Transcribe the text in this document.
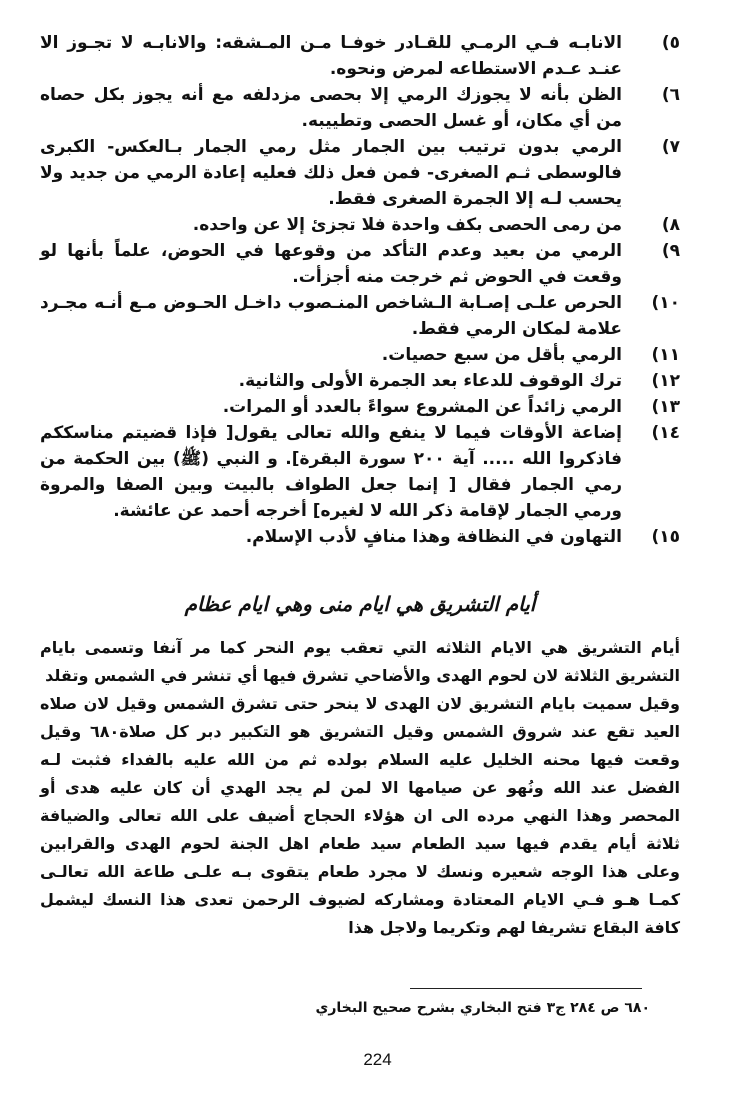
٥)
الانابـه فـي الرمـي للقـادر خوفـا مـن المـشقه: والانابـه لا تجـوز الا عنـد عـدم الاستطاعه لمرض ونحوه.
٦)
الظن بأنه لا يجوزك الرمي إلا بحصى مزدلفه مع أنه يجوز بكل حصاه من أي مكان، أو غسل الحصى وتطييبه.
٧)
الرمي بدون ترتيب بين الجمار مثل رمي الجمار بـالعكس- الكبرى فالوسطى ثـم الصغرى- فمن فعل ذلك فعليه إعادة الرمي من جديد ولا يحسب لـه إلا الجمرة الصغرى فقط.
٨)
من رمى الحصى بكف واحدة فلا تجزئ إلا عن واحده.
٩)
الرمي من بعيد وعدم التأكد من وقوعها في الحوض، علماً بأنها لو وقعت في الحوض ثم خرجت منه أجزأت.
١٠)
الحرص علـى إصـابة الـشاخص المنـصوب داخـل الحـوض مـع أنـه مجـرد علامة لمكان الرمي فقط.
١١)
الرمي بأقل من سبع حصيات.
١٢)
ترك الوقوف للدعاء بعد الجمرة الأولى والثانية.
١٣)
الرمي زائداً عن المشروع سواءً بالعدد أو المرات.
١٤)
إضاعة الأوقات فيما لا ينفع والله تعالى يقول[ فإذا قضيتم مناسككم فاذكروا الله ..... آية ٢٠٠ سورة البقرة]. و النبي (ﷺ) بين الحكمة من رمي الجمار فقال [ إنما جعل الطواف بالبيت وبين الصفا والمروة ورمي الجمار لإقامة ذكر الله لا لغيره] أخرجه أحمد عن عائشة.
١٥)
التهاون في النظافة وهذا منافٍ لأدب الإسلام.
أيام التشريق هي ايام منى وهي ايام عظام

أيام التشريق هي الايام الثلاثه التي تعقب يوم النحر كما مر آنفا وتسمى بايام التشريق الثلاثة لان لحوم الهدى والأضاحي تشرق فيها أي تنشر في الشمس وتقلد

وقيل سميت بايام التشريق لان الهدى لا ينحر حتى تشرق الشمس وقيل لان صلاه العيد تقع عند شروق الشمس وقيل التشريق هو التكبير دبر كل صلاة٦٨٠ وقيل وقعت فيها محنه الخليل عليه السلام بولده ثم من الله عليه بالفداء فثبت لـه الفضل عند الله ونُهو عن صيامها الا لمن لم يجد الهدي أن كان عليه هدى أو المحصر وهذا النهي مرده الى ان هؤلاء الحجاج أضيف على الله تعالى والضيافة ثلاثة أيام يقدم فيها سيد الطعام سيد طعام اهل الجنة لحوم الهدى والقرابين وعلى هذا الوجه شعيره ونسك لا مجرد طعام يتقوى بـه علـى طاعة الله تعالـى كمـا هـو فـي الايام المعتادة ومشاركه لضيوف الرحمن تعدى هذا النسك ليشمل كافة البقاع تشريفا لهم وتكريما ولاجل هذا

٦٨٠ ص ٢٨٤ ج٣ فتح البخاري بشرح صحيح البخاري
224
